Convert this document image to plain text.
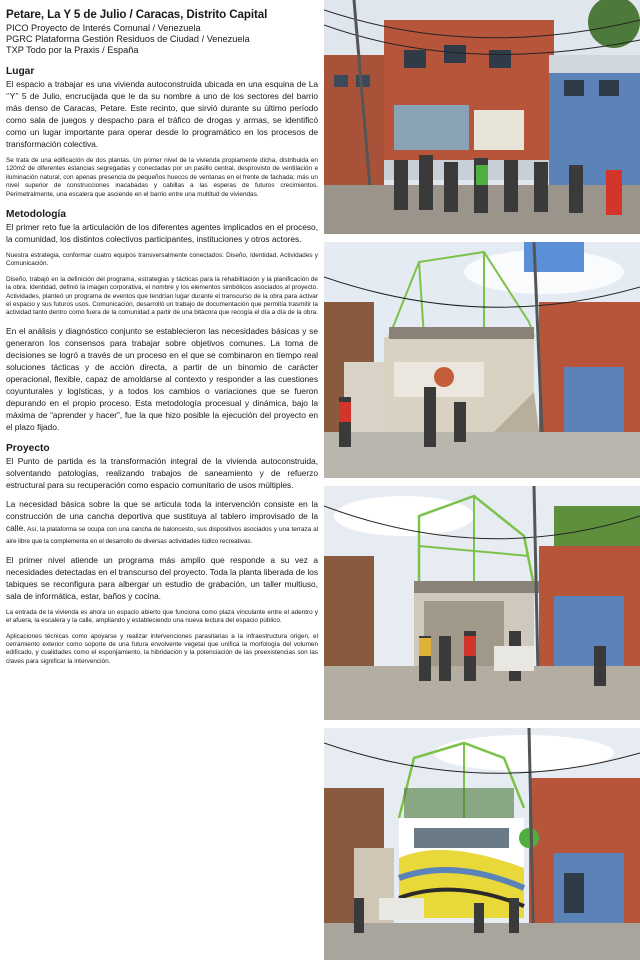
Petare, La Y 5 de Julio / Caracas, Distrito Capital

PICO Proyecto de Interés Comunal / Venezuela

PGRC Plataforma Gestión Residuos de Ciudad / Venezuela

TXP Todo por la Praxis / España

Lugar

El espacio a trabajar es una vivienda autoconstruida ubicada en una esquina de La ‘’Y’’ 5 de Julio, encrucijada que le da su nombre a uno de los sectores del barrio más denso de Caracas, Petare. Este recinto, que sirvió durante su último período como sala de juegos y despacho para el tráfico de drogas y armas, se identificó como un lugar importante para operar desde lo programático en los procesos de transformación colectiva.

Se trata de una edificación de dos plantas. Un primer nivel de la vivienda propiamente dicha, distribuida en 120m2 de diferentes estancias segregadas y conectadas por un pasillo central, desprovisto de ventilación e iluminación natural, con apenas presencia de pequeños huecos de ventanas en el frente de fachada; más un nivel superior de construcciones inacabadas y cabillas a las esperas de futuros crecimientos. Perimetralmente, una escalera que asciende en el barrio entre una multitud de viviendas.

Metodología

El primer reto fue la articulación de los diferentes agentes implicados en el proceso, la comunidad, los distintos colectivos participantes, instituciones y otros actores.

Nuestra estrategia, conformar cuatro equipos transversalmente conectados: Diseño, Identidad, Actividades y Comunicación.

Diseño, trabajó en la definición del programa, estrategias y tácticas para la rehabilitación y la planificación de la obra. Identidad, definió la imagen corporativa, el nombre y los elementos simbólicos asociados al proyecto. Actividades, planteó un programa de eventos que tendrían lugar durante el transcurso de la obra para activar el espacio y sus futuros usos. Comunicación, desarrolló un trabajo de documentación que permitía trasmitir la actividad tanto dentro como fuera de la comunidad a partir de una bitácora que recogía el día a día de la obra.

En el análisis y diagnóstico conjunto se establecieron las necesidades básicas y se generaron los consensos para trabajar sobre objetivos comunes. La toma de decisiones se logró a través de un proceso en el que se combinaron en tiempo real soluciones tácticas y de acción directa, a partir de un binomio de carácter operacional, flexible, capaz de amoldarse al contexto y responder a las cuestiones coyunturales y logísticas, y a todos los cambios o variaciones que se fueron depurando en el propio proceso. Esta metodología procesual y dinámica, bajo la máxima de “aprender y hacer”, fue la que hizo posible la ejecución del proyecto en el plazo fijado.

Proyecto

El Punto de partida es la transformación integral de la vivienda autoconstruida, solventando patologías, realizando trabajos de saneamiento y de refuerzo estructural para su recuperación como espacio comunitario de usos múltiples.

La necesidad básica sobre la que se articula toda la intervención consiste en la construcción de una cancha deportiva que sustituya al tablero improvisado de la calle. Así, la plataforma se ocupa con una cancha de baloncesto, sus dispositivos asociados y una terraza al aire libre que la complementa en el desarrollo de diversas actividades lúdico recreativas.

El primer nivel atiende un programa más amplio que responde a su vez a necesidades detectadas en el transcurso del proyecto. Toda la planta liberada de los tabiques se reconfigura para albergar un estudio de grabación, un taller multiuso, sala de informática, estar, baños y cocina.

La entrada de la vivienda es ahora un espacio abierto que funciona como plaza vinculante entre el adentro y el afuera, la escalera y la calle, ampliando y estableciendo una nueva lectura del espacio público.

Aplicaciones técnicas como apoyarse y realizar intervenciones parasitarias a la infraestructura origen, el cerramiento exterior como soporte de una futura envolvente vegetal que unifica la morfología del volumen edificado, y cualidades como el esponjamiento, la hibridación y la potenciación de las preexistencias son las claves para significar la intervención.
